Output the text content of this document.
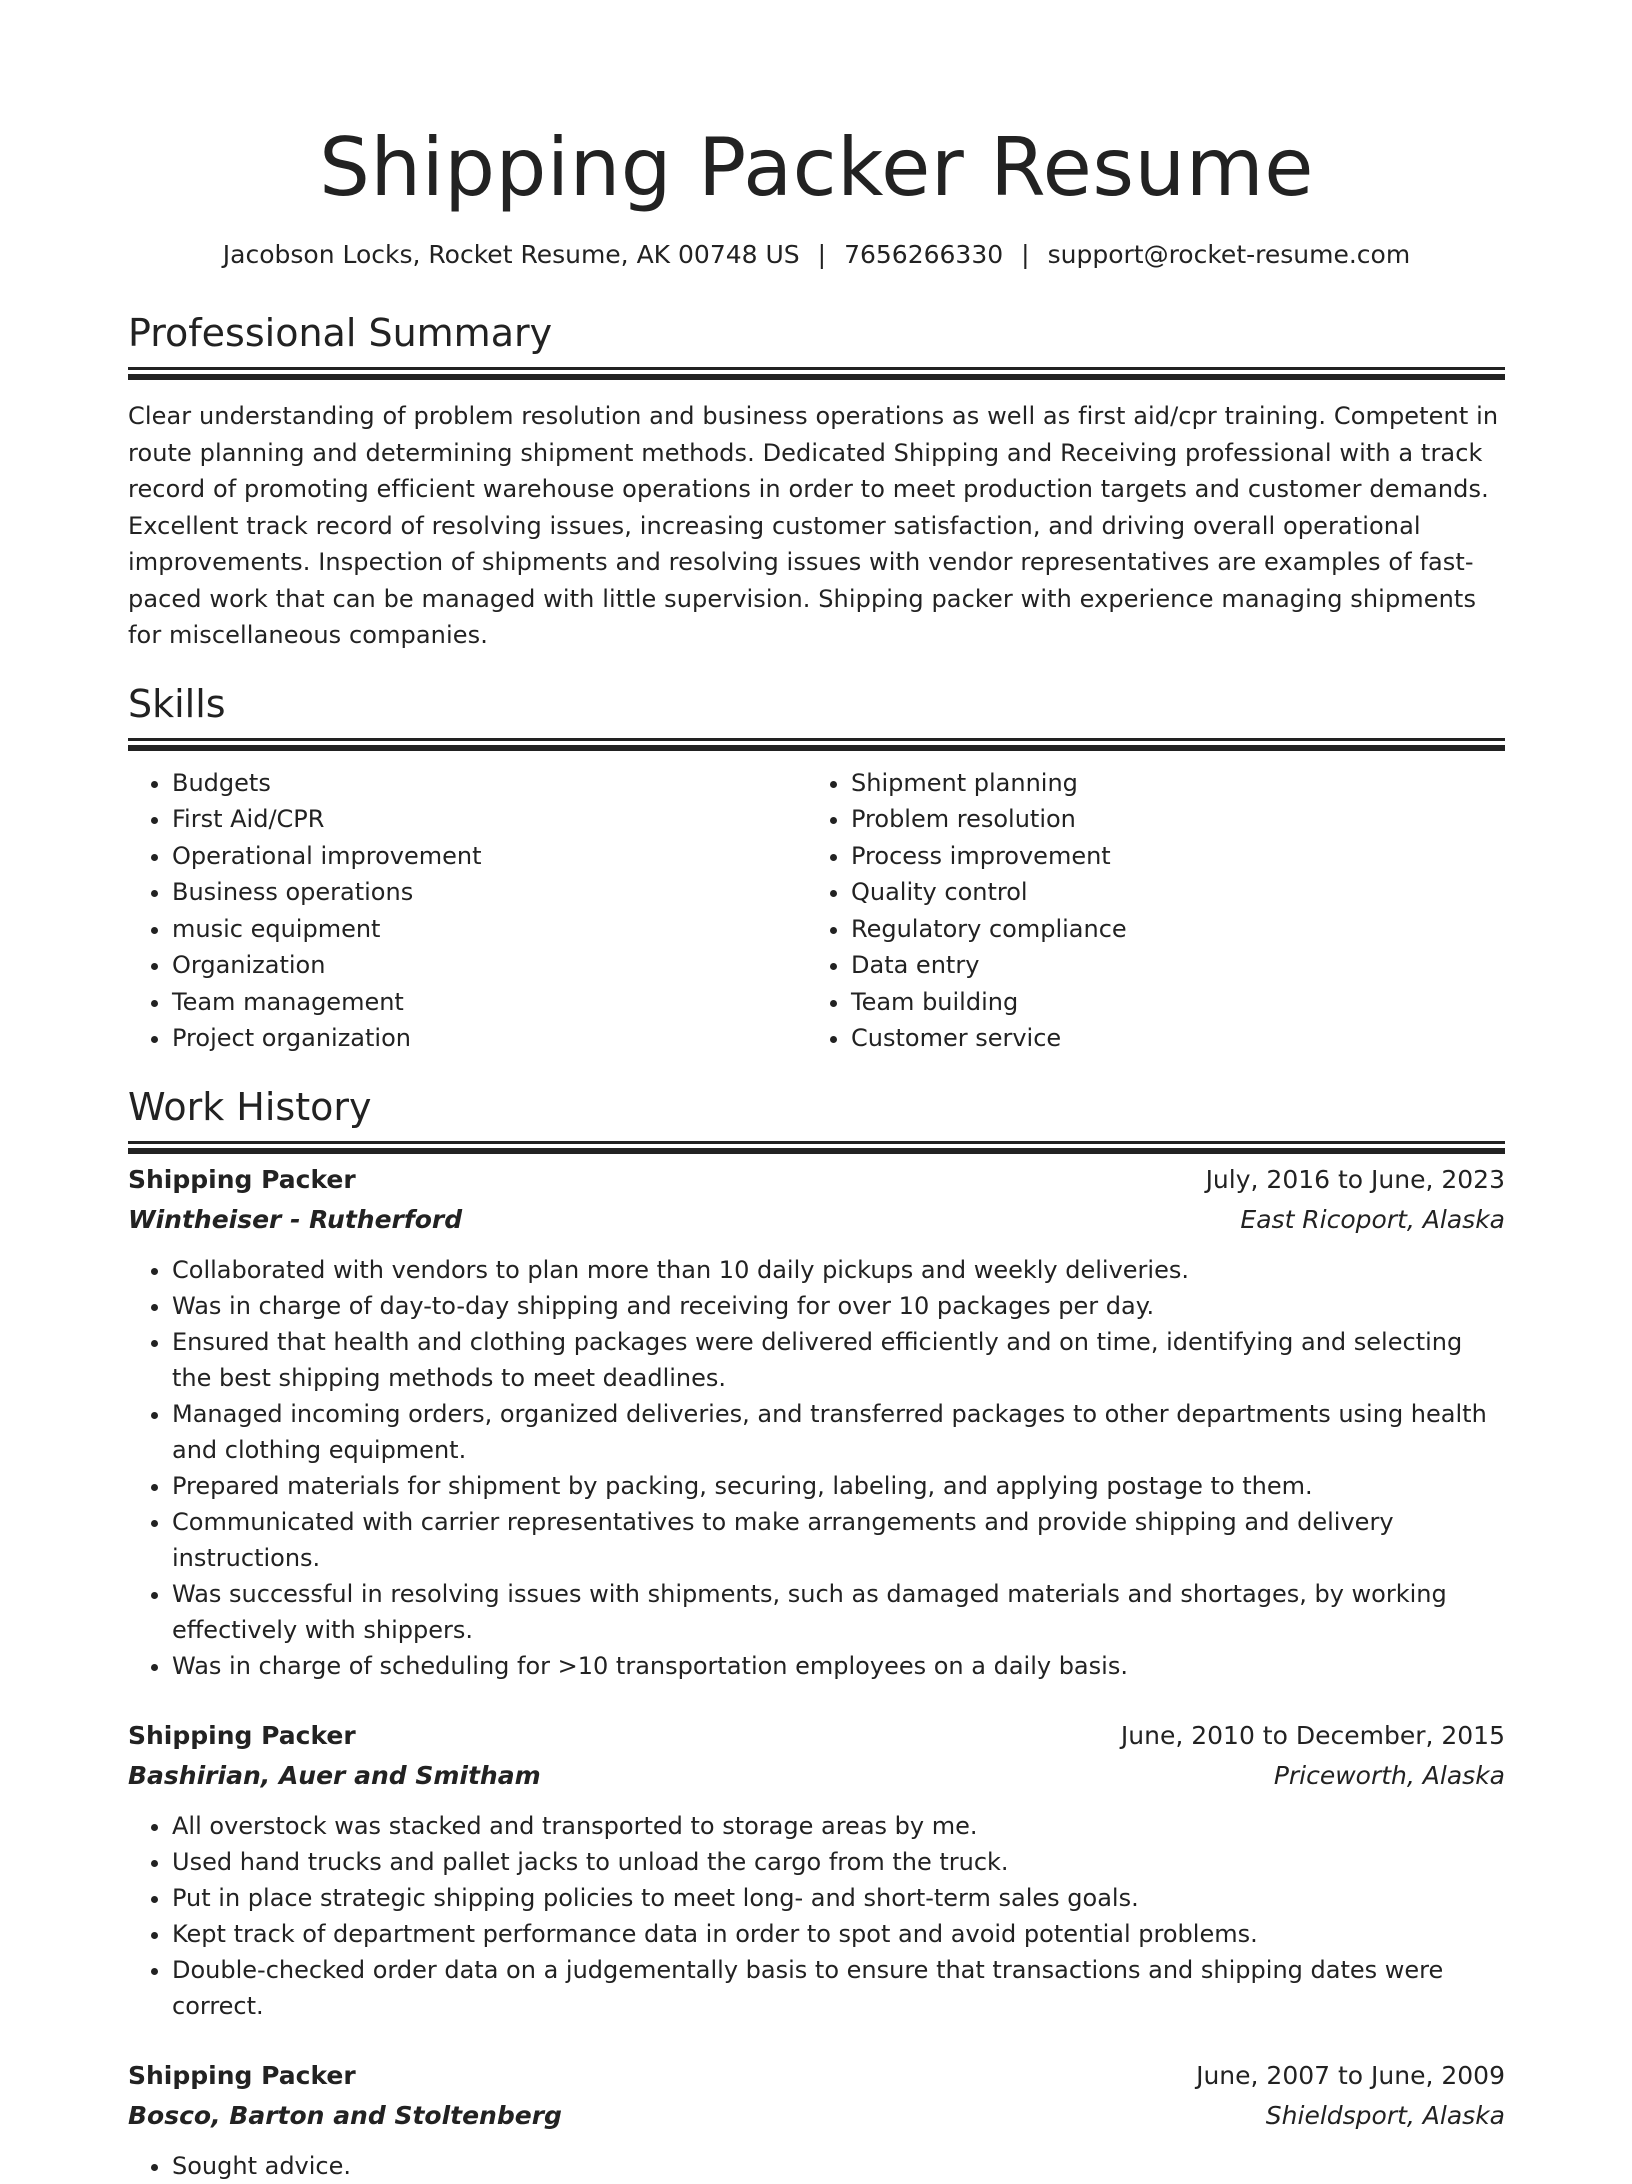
Shipping Packer Resume
Jacobson Locks, Rocket Resume, AK 00748 US | 7656266330 | support@rocket-resume.com
Professional Summary

Clear understanding of problem resolution and business operations as well as first aid/cpr training. Competent in route planning and determining shipment methods. Dedicated Shipping and Receiving professional with a track record of promoting efficient warehouse operations in order to meet production targets and customer demands. Excellent track record of resolving issues, increasing customer satisfaction, and driving overall operational improvements. Inspection of shipments and resolving issues with vendor representatives are examples of fast-paced work that can be managed with little supervision. Shipping packer with experience managing shipments for miscellaneous companies.

Skills
• Budgets
• First Aid/CPR
• Operational improvement
• Business operations
• music equipment
• Organization
• Team management
• Project organization
• Shipment planning
• Problem resolution
• Process improvement
• Quality control
• Regulatory compliance
• Data entry
• Team building
• Customer service
Work History
Shipping Packer	July, 2016 to June, 2023
Wintheiser - Rutherford	East Ricoport, Alaska
• Collaborated with vendors to plan more than 10 daily pickups and weekly deliveries.
• Was in charge of day-to-day shipping and receiving for over 10 packages per day.
• Ensured that health and clothing packages were delivered efficiently and on time, identifying and selecting the best shipping methods to meet deadlines.
• Managed incoming orders, organized deliveries, and transferred packages to other departments using health and clothing equipment.
• Prepared materials for shipment by packing, securing, labeling, and applying postage to them.
• Communicated with carrier representatives to make arrangements and provide shipping and delivery instructions.
• Was successful in resolving issues with shipments, such as damaged materials and shortages, by working effectively with shippers.
• Was in charge of scheduling for >10 transportation employees on a daily basis.
Shipping Packer	June, 2010 to December, 2015
Bashirian, Auer and Smitham	Priceworth, Alaska
• All overstock was stacked and transported to storage areas by me.
• Used hand trucks and pallet jacks to unload the cargo from the truck.
• Put in place strategic shipping policies to meet long- and short-term sales goals.
• Kept track of department performance data in order to spot and avoid potential problems.
• Double-checked order data on a judgementally basis to ensure that transactions and shipping dates were correct.
Shipping Packer	June, 2007 to June, 2009
Bosco, Barton and Stoltenberg	Shieldsport, Alaska
• Sought advice.
